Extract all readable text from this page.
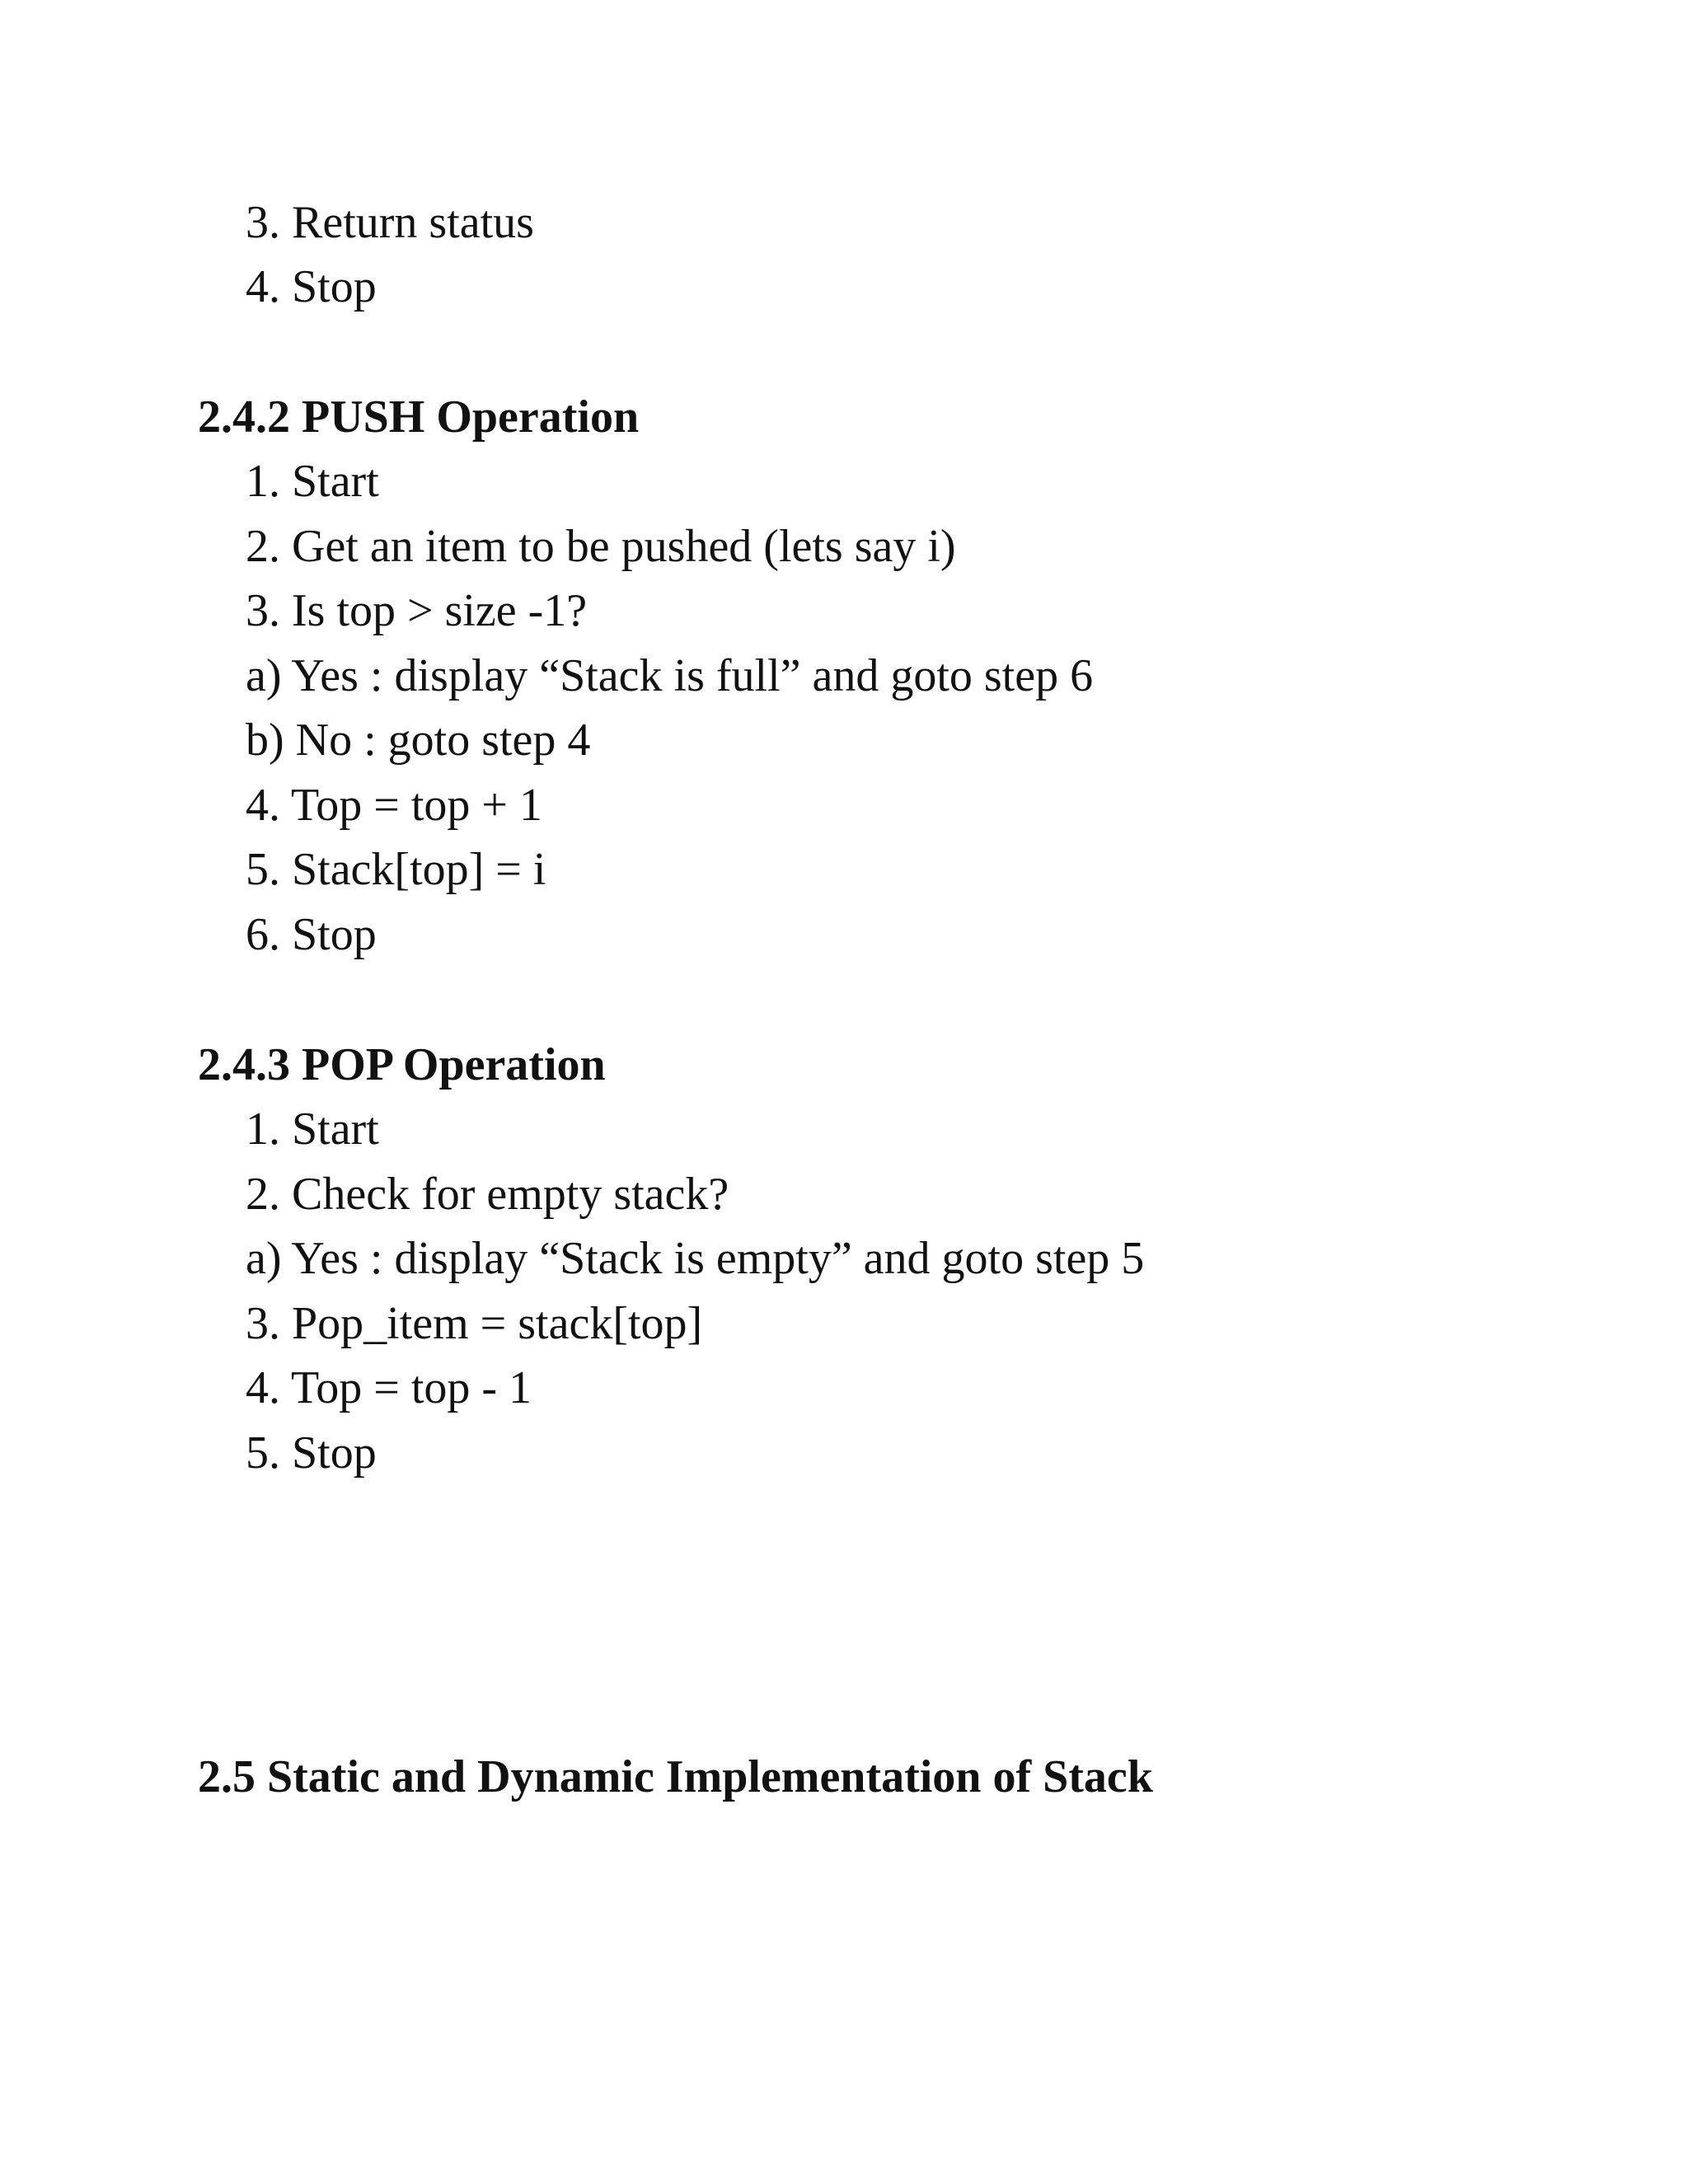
3. Return status
4. Stop
2.4.2 PUSH Operation
1. Start
2. Get an item to be pushed (lets say i)
3. Is top > size -1?
a) Yes : display “Stack is full” and goto step 6
b) No : goto step 4
4. Top = top + 1
5. Stack[top] = i
6. Stop
2.4.3 POP Operation
1. Start
2. Check for empty stack?
a) Yes : display “Stack is empty” and goto step 5
3. Pop_item = stack[top]
4. Top = top - 1
5. Stop
2.5 Static and Dynamic Implementation of Stack
